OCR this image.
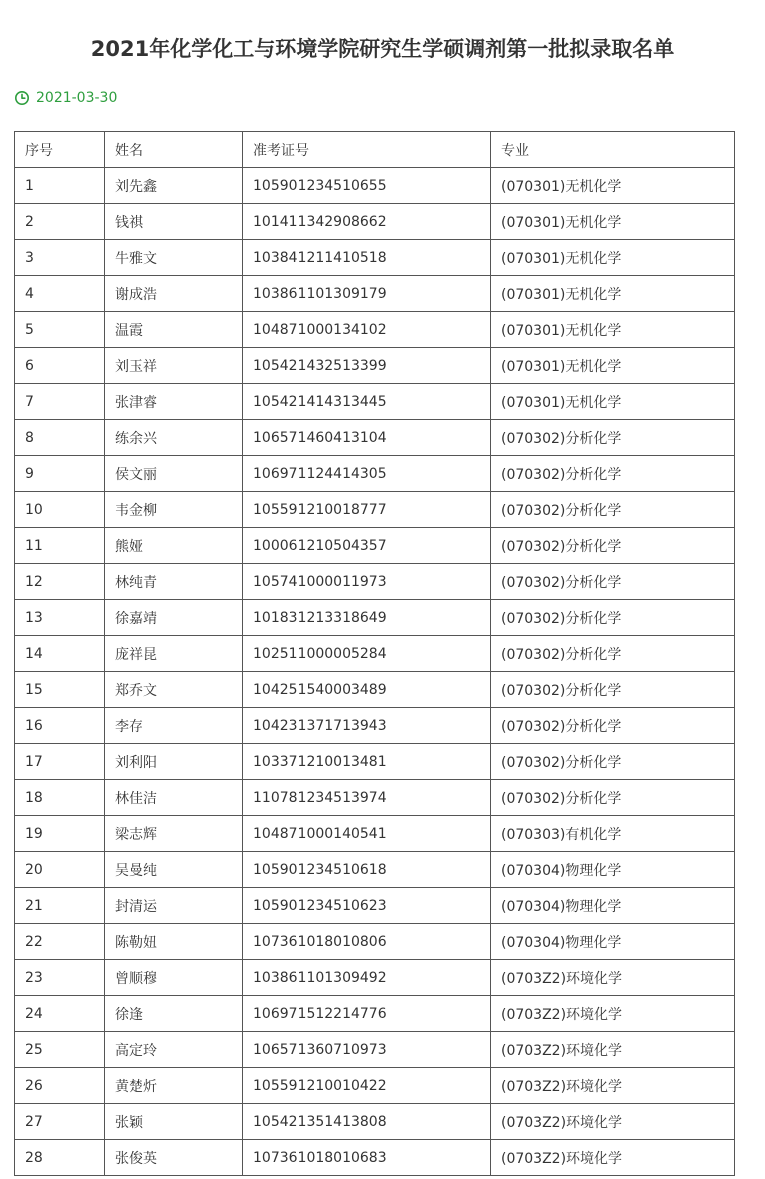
2021年化学化工与环境学院研究生学硕调剂第一批拟录取名单
2021-03-30
序号	姓名	准考证号	专业
1	刘先鑫	105901234510655	(070301)无机化学
2	钱祺	101411342908662	(070301)无机化学
3	牛雅文	103841211410518	(070301)无机化学
4	谢成浩	103861101309179	(070301)无机化学
5	温霞	104871000134102	(070301)无机化学
6	刘玉祥	105421432513399	(070301)无机化学
7	张津睿	105421414313445	(070301)无机化学
8	练余兴	106571460413104	(070302)分析化学
9	侯文丽	106971124414305	(070302)分析化学
10	韦金柳	105591210018777	(070302)分析化学
11	熊娅	100061210504357	(070302)分析化学
12	林纯青	105741000011973	(070302)分析化学
13	徐嘉靖	101831213318649	(070302)分析化学
14	庞祥昆	102511000005284	(070302)分析化学
15	郑乔文	104251540003489	(070302)分析化学
16	李存	104231371713943	(070302)分析化学
17	刘利阳	103371210013481	(070302)分析化学
18	林佳洁	110781234513974	(070302)分析化学
19	梁志辉	104871000140541	(070303)有机化学
20	吴曼纯	105901234510618	(070304)物理化学
21	封清运	105901234510623	(070304)物理化学
22	陈勒妞	107361018010806	(070304)物理化学
23	曾顺穆	103861101309492	(0703Z2)环境化学
24	徐逢	106971512214776	(0703Z2)环境化学
25	高定玲	106571360710973	(0703Z2)环境化学
26	黄楚炘	105591210010422	(0703Z2)环境化学
27	张颖	105421351413808	(0703Z2)环境化学
28	张俊英	107361018010683	(0703Z2)环境化学
